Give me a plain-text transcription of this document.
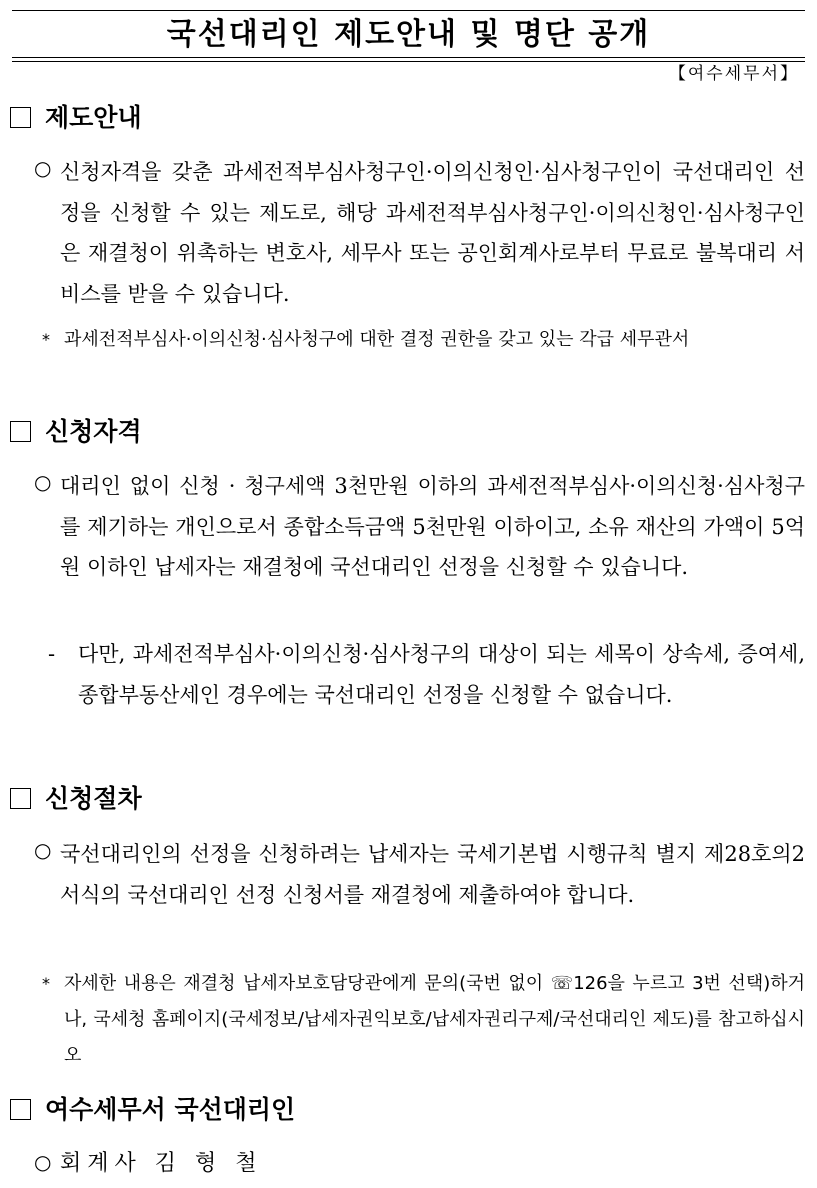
국선대리인 제도안내 및 명단 공개
【여수세무서】
제도안내
○ 신청자격을 갖춘 과세전적부심사청구인·이의신청인·심사청구인이 국선대리인 선정을 신청할 수 있는 제도로, 해당 과세전적부심사청구인·이의신청인·심사청구인은 재결청이 위촉하는 변호사, 세무사 또는 공인회계사로부터 무료로 불복대리 서비스를 받을 수 있습니다.
* 과세전적부심사·이의신청·심사청구에 대한 결정 권한을 갖고 있는 각급 세무관서
신청자격
○ 대리인 없이 신청 · 청구세액 3천만원 이하의 과세전적부심사·이의신청·심사청구를 제기하는 개인으로서 종합소득금액 5천만원 이하이고, 소유 재산의 가액이 5억원 이하인 납세자는 재결청에 국선대리인 선정을 신청할 수 있습니다.
- 다만, 과세전적부심사·이의신청·심사청구의 대상이 되는 세목이 상속세, 증여세, 종합부동산세인 경우에는 국선대리인 선정을 신청할 수 없습니다.
신청절차
○ 국선대리인의 선정을 신청하려는 납세자는 국세기본법 시행규칙 별지 제28호의2서식의 국선대리인 선정 신청서를 재결청에 제출하여야 합니다.
* 자세한 내용은 재결청 납세자보호담당관에게 문의(국번 없이 ☏126을 누르고 3번 선택)하거나, 국세청 홈페이지(국세정보/납세자권익보호/납세자권리구제/국선대리인 제도)를 참고하십시오
여수세무서 국선대리인
○ 회계사 김 형 철
